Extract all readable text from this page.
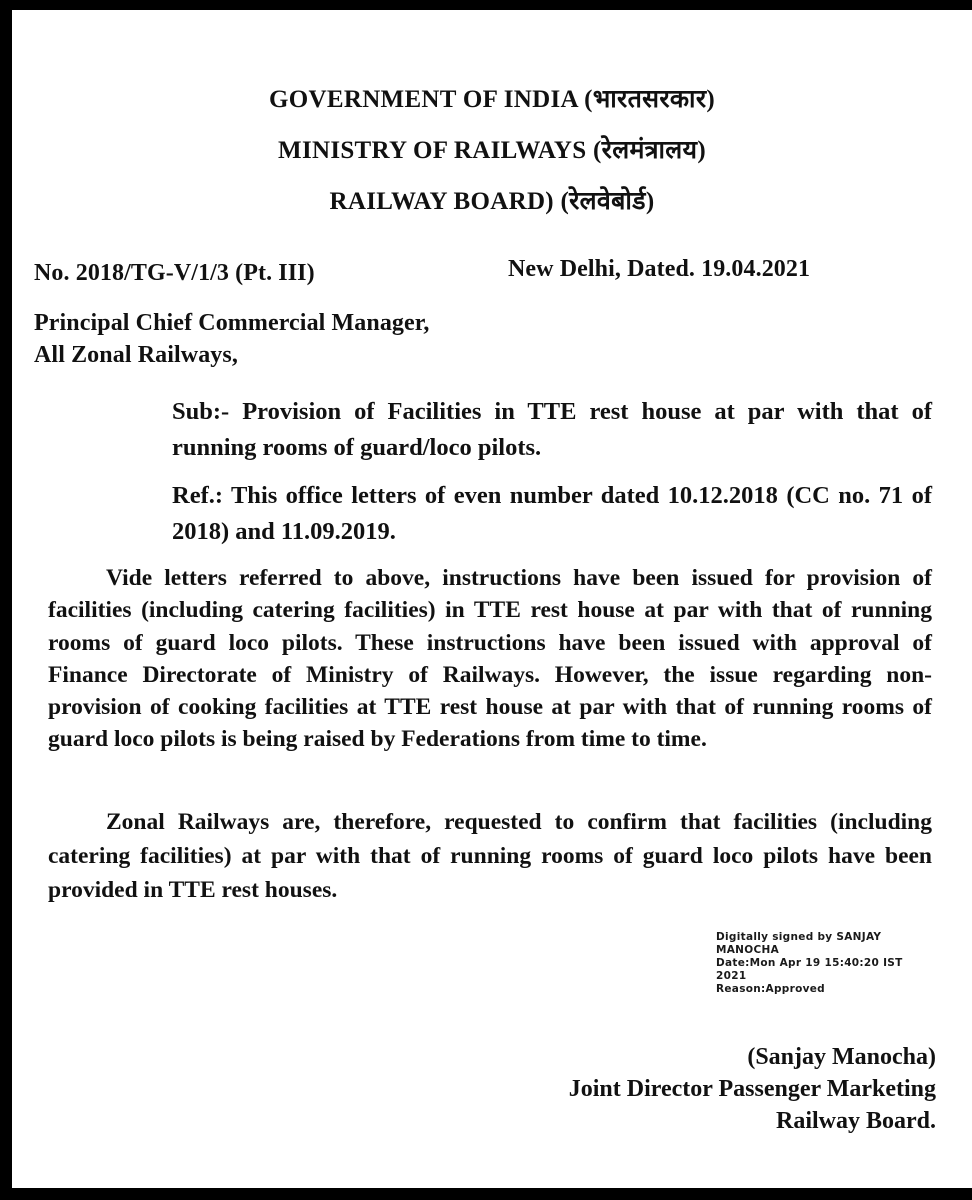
GOVERNMENT OF INDIA (भारतसरकार)
MINISTRY OF RAILWAYS (रेलमंत्रालय)
RAILWAY BOARD) (रेलवेबोर्ड)
No. 2018/TG-V/1/3 (Pt. III)	New Delhi, Dated. 19.04.2021
Principal Chief Commercial Manager,
All Zonal Railways,
Sub:- Provision of Facilities in TTE rest house at par with that of running rooms of guard/loco pilots.
Ref.: This office letters of even number dated 10.12.2018 (CC no. 71 of 2018) and 11.09.2019.
Vide letters referred to above, instructions have been issued for provision of facilities (including catering facilities) in TTE rest house at par with that of running rooms of guard loco pilots. These instructions have been issued with approval of Finance Directorate of Ministry of Railways. However, the issue regarding non-provision of cooking facilities at TTE rest house at par with that of running rooms of guard loco pilots is being raised by Federations from time to time.
Zonal Railways are, therefore, requested to confirm that facilities (including catering facilities) at par with that of running rooms of guard loco pilots have been provided in TTE rest houses.
Digitally signed by SANJAY
MANOCHA
Date:Mon Apr 19 15:40:20 IST
2021
Reason:Approved
(Sanjay Manocha)
Joint Director Passenger Marketing
Railway Board.
